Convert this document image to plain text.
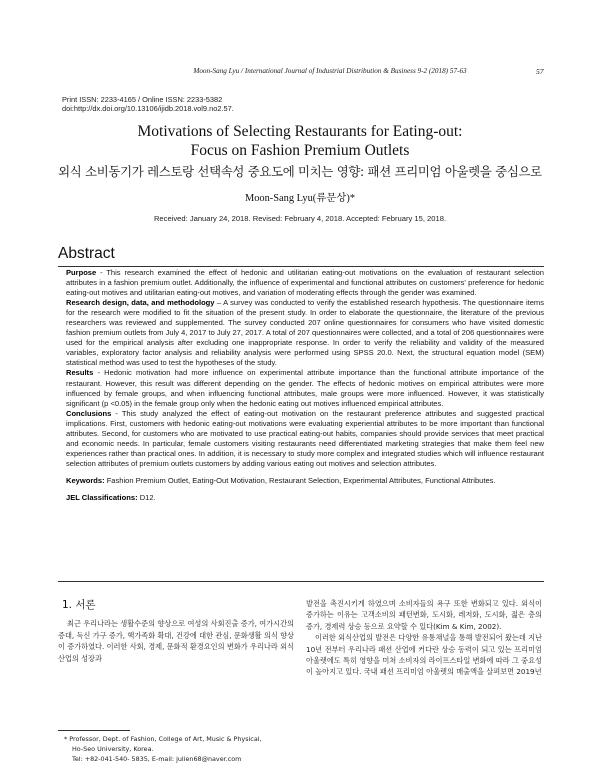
Moon-Sang Lyu / International Journal of Industrial Distribution & Business 9-2 (2018) 57-63	57
Print ISSN: 2233-4165 / Online ISSN: 2233-5382
doi:http://dx.doi.org/10.13106/ijidb.2018.vol9.no2.57.
Motivations of Selecting Restaurants for Eating-out:
Focus on Fashion Premium Outlets
외식 소비동기가 레스토랑 선택속성 중요도에 미치는 영향: 패션 프리미엄 아울렛을 중심으로
Moon-Sang Lyu(류문상)*
Received: January 24, 2018. Revised: February 4, 2018. Accepted: February 15, 2018.
Abstract

Purpose - This research examined the effect of hedonic and utilitarian eating-out motivations on the evaluation of restaurant selection attributes in a fashion premium outlet. Additionally, the influence of experimental and functional attributes on customers' preference for hedonic eating-out motives and utilitarian eating-out motives, and variation of moderating effects through the gender was examined.

Research design, data, and methodology – A survey was conducted to verify the established research hypothesis. The questionnaire items for the research were modified to fit the situation of the present study. In order to elaborate the questionnaire, the literature of the previous researchers was reviewed and supplemented. The survey conducted 207 online questionnaires for consumers who have visited domestic fashion premium outlets from July 4, 2017 to July 27, 2017. A total of 207 questionnaires were collected, and a total of 206 questionnaires were used for the empirical analysis after excluding one inappropriate response. In order to verify the reliability and validity of the measured variables, exploratory factor analysis and reliability analysis were performed using SPSS 20.0. Next, the structural equation model (SEM) statistical method was used to test the hypotheses of the study.

Results - Hedonic motivation had more influence on experimental attribute importance than the functional attribute importance of the restaurant. However, this result was different depending on the gender. The effects of hedonic motives on empirical attributes were more influenced by female groups, and when influencing functional attributes, male groups were more influenced. However, it was statistically significant (p <0.05) in the female group only when the hedonic eating out motives influenced empirical attributes.

Conclusions - This study analyzed the effect of eating-out motivation on the restaurant preference attributes and suggested practical implications. First, customers with hedonic eating-out motivations were evaluating experiential attributes to be more important than functional attributes. Second, for customers who are motivated to use practical eating-out habits, companies should provide services that meet practical and economic needs. In particular, female customers visiting restaurants need differentiated marketing strategies that make them feel new experiences rather than practical ones. In addition, it is necessary to study more complex and integrated studies which will influence restaurant selection attributes of premium outlets customers by adding various eating out motives and selection attributes.

Keywords: Fashion Premium Outlet, Eating-Out Motivation, Restaurant Selection, Experimental Attributes, Functional Attributes.

JEL Classifications: D12.

1. 서론

최근 우리나라는 생활수준의 향상으로 여성의 사회진출 증가, 여가시간의 증대, 독신 가구 증가, 핵가족화 확대, 건강에 대한 관심, 문화생활 의식 향상이 증가하였다. 이러한 사회, 경제, 문화적 환경요인의 변화가 우리나라 외식 산업의 성장과

발전을 촉진시키게 하였으며 소비자들의 욕구 또한 변화되고 있다. 외식이 증가하는 이유는 고객소비의 패턴변화, 도시화, 레저화, 도시화, 젊은 층의 증가, 경제력 상승 등으로 요약할 수 있다(Kim & Kim, 2002).

이러한 외식산업의 발전은 다양한 유통채널을 통해 발전되어 왔는데 지난 10년 전부터 우리나라 패션 산업에 커다란 상승 동력이 되고 있는 프리미엄 아울렛에도 특히 영향을 미쳐 소비자의 라이프스타일 변화에 따라 그 중요성이 높아지고 있다. 국내 패션 프리미엄 아울렛의 매출액을 살펴보면 2019년

* Professor, Dept. of Fashion, College of Art, Music & Physical,
Ho-Seo University, Korea.
Tel: +82-041-540- 5835, E-mail: julien68@naver.com
